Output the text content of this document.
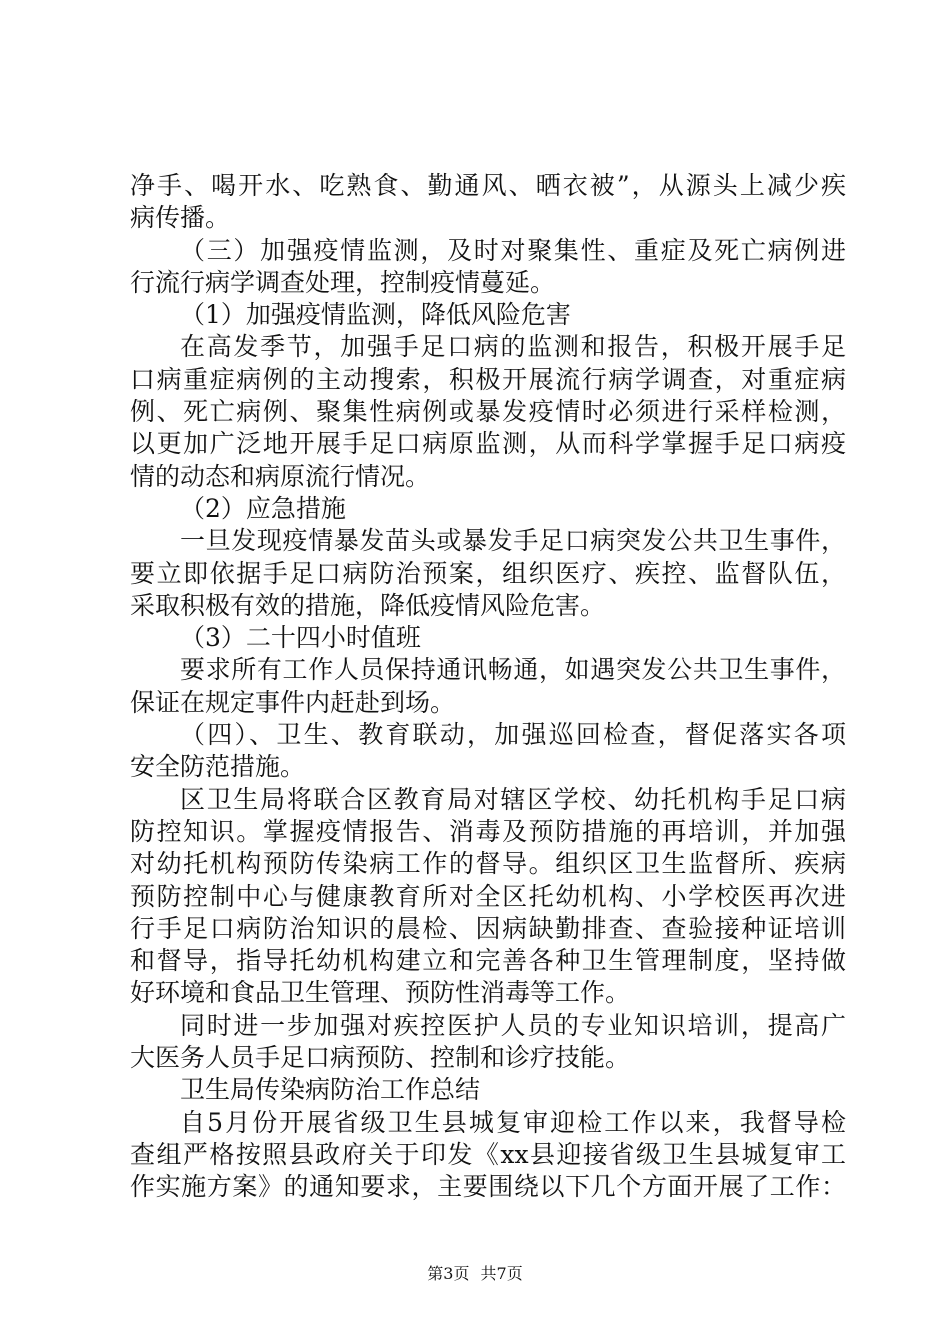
净手、喝开水、吃熟食、勤通风、晒衣被”，从源头上减少疾
病传播。
（三）加强疫情监测，及时对聚集性、重症及死亡病例进
行流行病学调查处理，控制疫情蔓延。
（1）加强疫情监测，降低风险危害
在高发季节，加强手足口病的监测和报告，积极开展手足
口病重症病例的主动搜索，积极开展流行病学调查，对重症病
例、死亡病例、聚集性病例或暴发疫情时必须进行采样检测，
以更加广泛地开展手足口病原监测，从而科学掌握手足口病疫
情的动态和病原流行情况。
（2）应急措施
一旦发现疫情暴发苗头或暴发手足口病突发公共卫生事件，
要立即依据手足口病防治预案，组织医疗、疾控、监督队伍，
采取积极有效的措施，降低疫情风险危害。
（3）二十四小时值班
要求所有工作人员保持通讯畅通，如遇突发公共卫生事件，
保证在规定事件内赶赴到场。
（四）、卫生、教育联动，加强巡回检查，督促落实各项
安全防范措施。
区卫生局将联合区教育局对辖区学校、幼托机构手足口病
防控知识。掌握疫情报告、消毒及预防措施的再培训，并加强
对幼托机构预防传染病工作的督导。组织区卫生监督所、疾病
预防控制中心与健康教育所对全区托幼机构、小学校医再次进
行手足口病防治知识的晨检、因病缺勤排查、查验接种证培训
和督导，指导托幼机构建立和完善各种卫生管理制度，坚持做
好环境和食品卫生管理、预防性消毒等工作。
同时进一步加强对疾控医护人员的专业知识培训，提高广
大医务人员手足口病预防、控制和诊疗技能。
卫生局传染病防治工作总结
自5月份开展省级卫生县城复审迎检工作以来，我督导检
查组严格按照县政府关于印发《xx县迎接省级卫生县城复审工
作实施方案》的通知要求，主要围绕以下几个方面开展了工作：
第3页 共7页
